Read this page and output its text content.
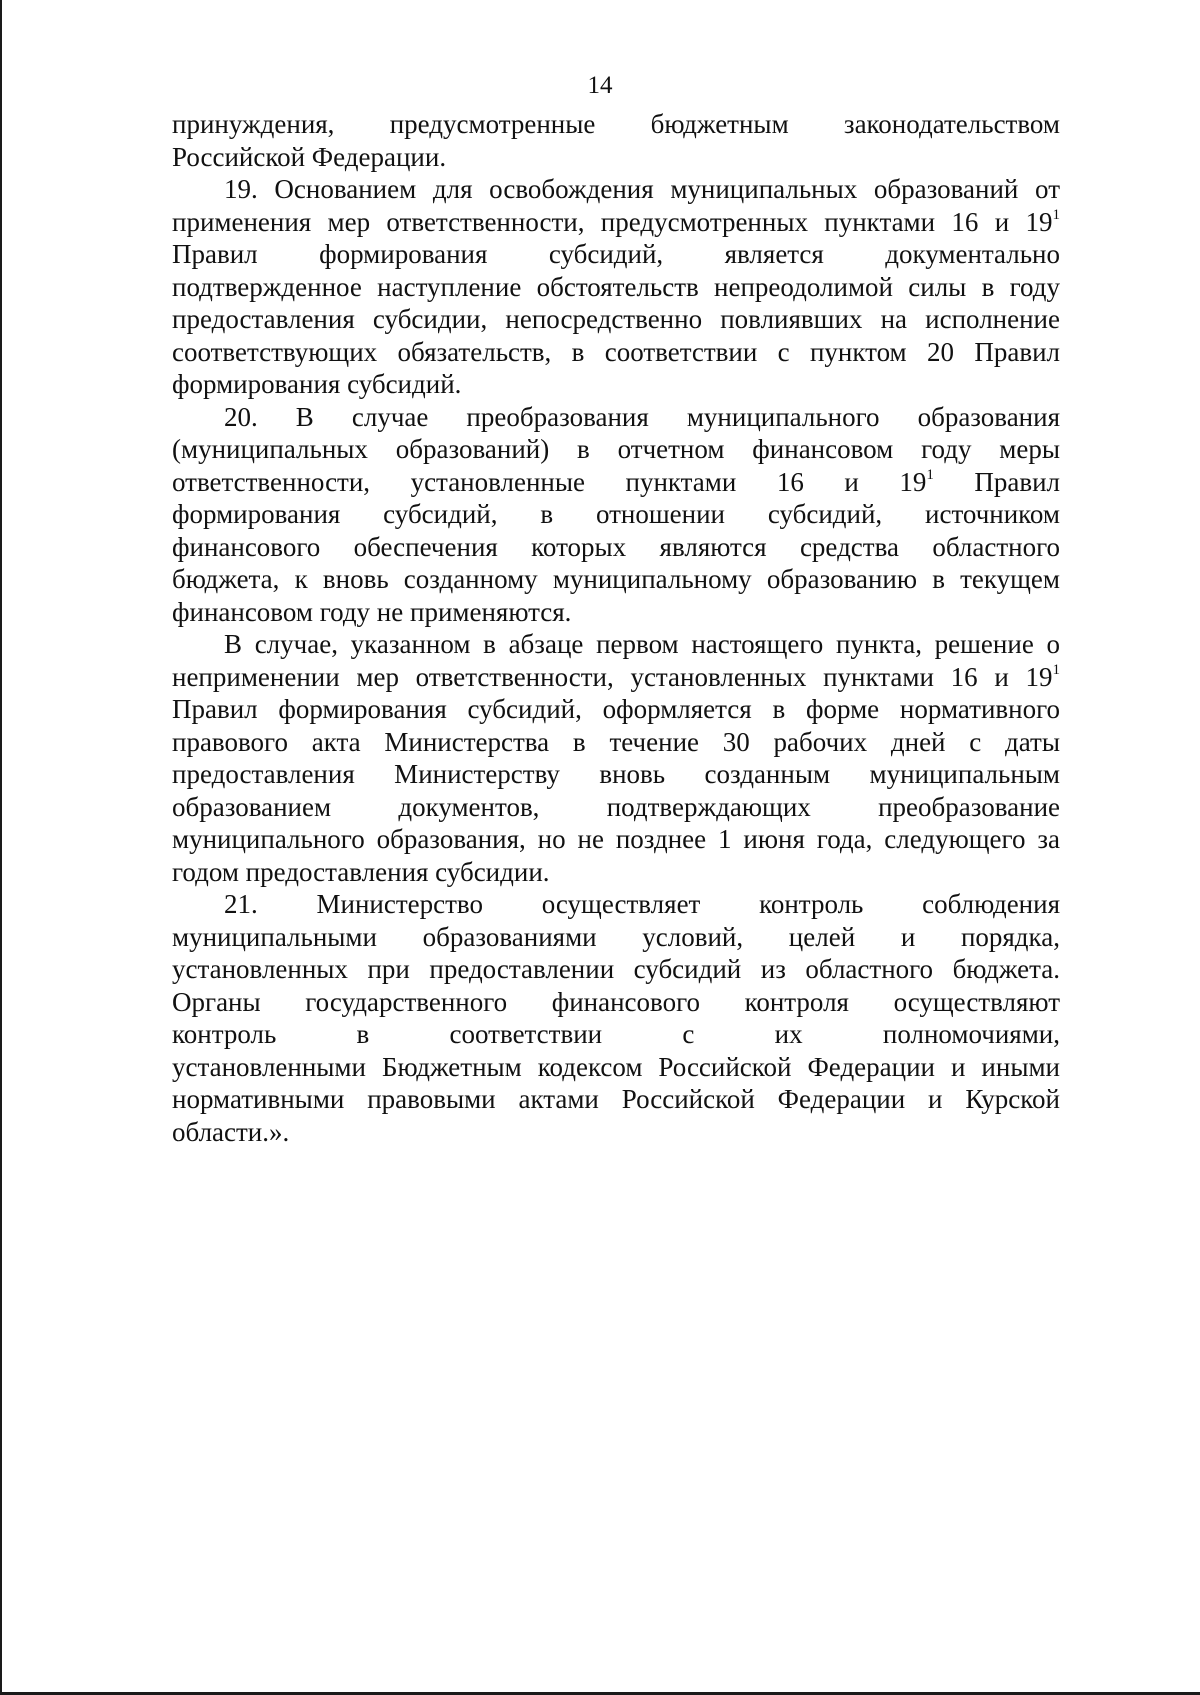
14
принуждения, предусмотренные бюджетным законодательством
Российской Федерации.
19. Основанием для освобождения муниципальных образований от
применения мер ответственности, предусмотренных пунктами 16 и $19^1$
Правил формирования субсидий, является документально
подтвержденное наступление обстоятельств непреодолимой силы в году
предоставления субсидии, непосредственно повлиявших на исполнение
соответствующих обязательств, в соответствии с пунктом 20 Правил
формирования субсидий.
20. В случае преобразования муниципального образования
(муниципальных образований) в отчетном финансовом году меры
ответственности, установленные пунктами 16 и $19^1$ Правил
формирования субсидий, в отношении субсидий, источником
финансового обеспечения которых являются средства областного
бюджета, к вновь созданному муниципальному образованию в текущем
финансовом году не применяются.
В случае, указанном в абзаце первом настоящего пункта, решение о
неприменении мер ответственности, установленных пунктами 16 и $19^1$
Правил формирования субсидий, оформляется в форме нормативного
правового акта Министерства в течение 30 рабочих дней с даты
предоставления Министерству вновь созданным муниципальным
образованием документов, подтверждающих преобразование
муниципального образования, но не позднее 1 июня года, следующего за
годом предоставления субсидии.
21. Министерство осуществляет контроль соблюдения
муниципальными образованиями условий, целей и порядка,
установленных при предоставлении субсидий из областного бюджета.
Органы государственного финансового контроля осуществляют
контроль в соответствии с их полномочиями,
установленными Бюджетным кодексом Российской Федерации и иными
нормативными правовыми актами Российской Федерации и Курской
области.».
